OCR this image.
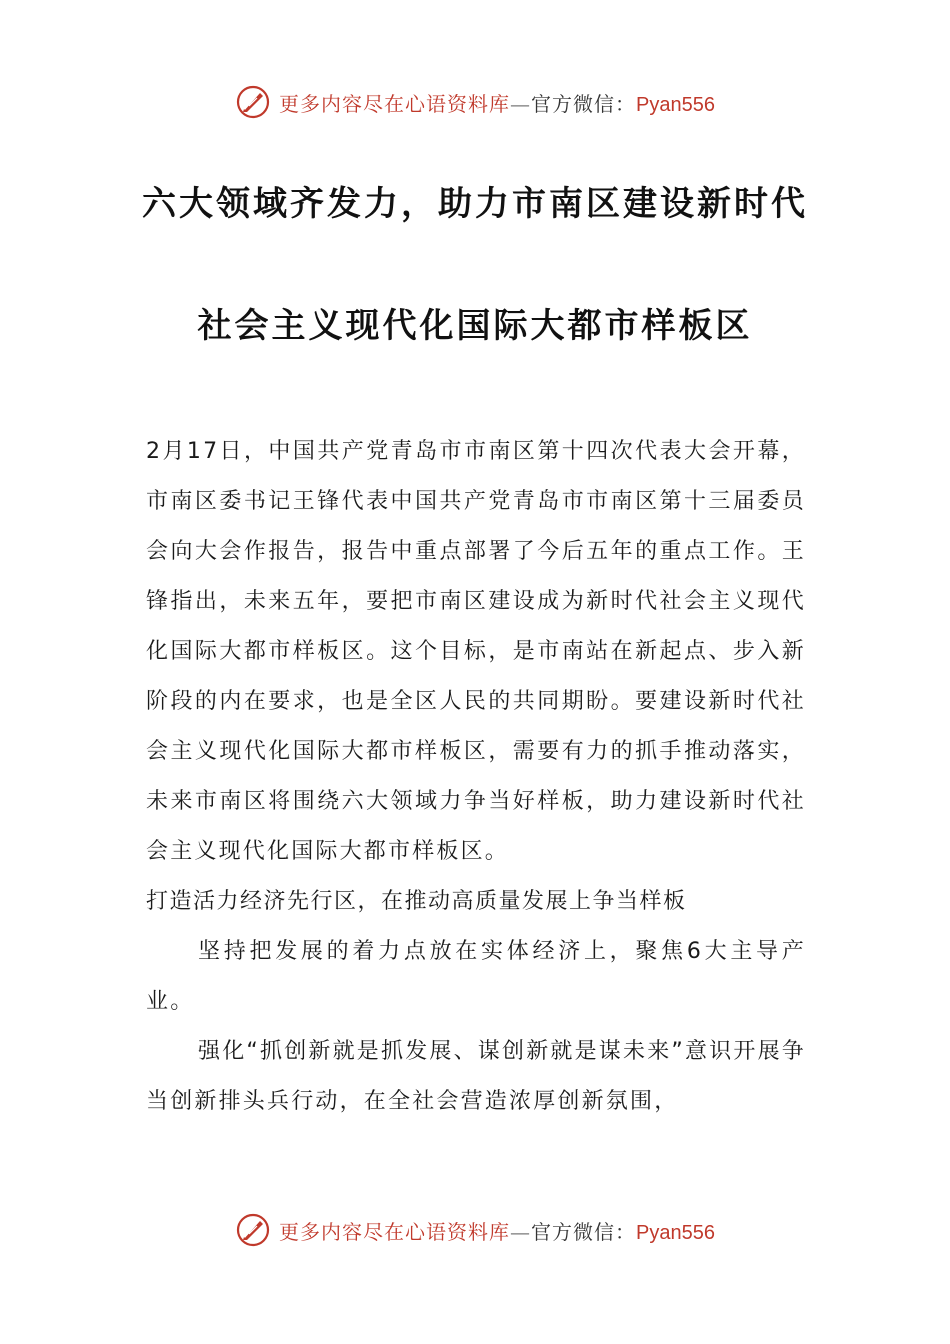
更多内容尽在心语资料库—官方微信：Pyan556
六大领域齐发力，助力市南区建设新时代
社会主义现代化国际大都市样板区

2月17日，中国共产党青岛市市南区第十四次代表大会开幕，市南区委书记王锋代表中国共产党青岛市市南区第十三届委员会向大会作报告，报告中重点部署了今后五年的重点工作。王锋指出，未来五年，要把市南区建设成为新时代社会主义现代化国际大都市样板区。这个目标，是市南站在新起点、步入新阶段的内在要求，也是全区人民的共同期盼。要建设新时代社会主义现代化国际大都市样板区，需要有力的抓手推动落实，未来市南区将围绕六大领域力争当好样板，助力建设新时代社会主义现代化国际大都市样板区。

打造活力经济先行区，在推动高质量发展上争当样板

坚持把发展的着力点放在实体经济上，聚焦6大主导产业。

强化“抓创新就是抓发展、谋创新就是谋未来”意识开展争当创新排头兵行动，在全社会营造浓厚创新氛围，

更多内容尽在心语资料库—官方微信：Pyan556
